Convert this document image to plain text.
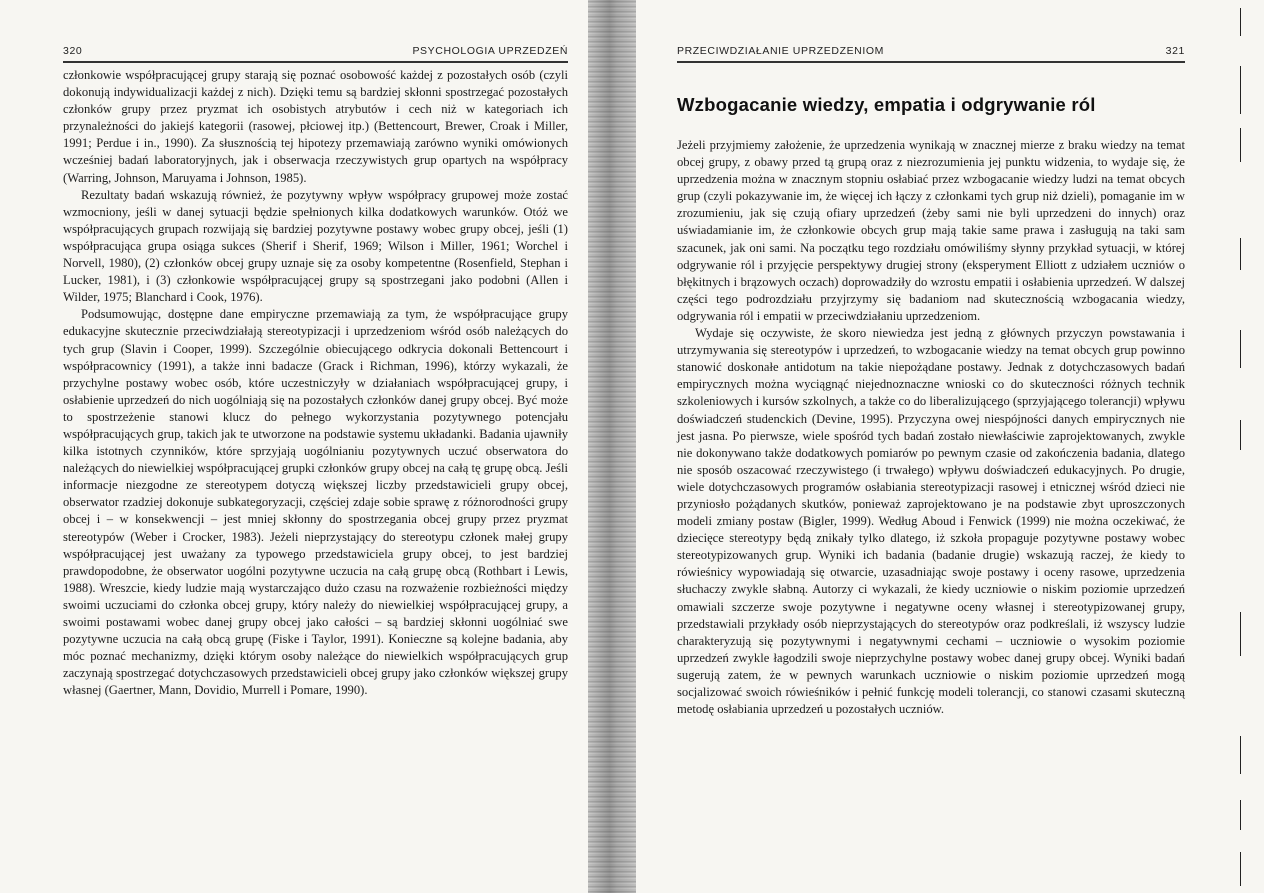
320	PSYCHOLOGIA UPRZEDZEŃ

członkowie współpracującej grupy starają się poznać osobowość każdej z pozostałych osób (czyli dokonują indywidualizacji każdej z nich). Dzięki temu są bardziej skłonni spostrzegać pozostałych członków grupy przez pryzmat ich osobistych atrybutów i cech niż w kategoriach ich przynależności do jakiejś kategorii (rasowej, płciowej itp.) (Bettencourt, Brewer, Croak i Miller, 1991; Perdue i in., 1990). Za słusznością tej hipotezy przemawiają zarówno wyniki omówionych wcześniej badań laboratoryjnych, jak i obserwacja rzeczywistych grup opartych na współpracy (Warring, Johnson, Maruyama i Johnson, 1985).

Rezultaty badań wskazują również, że pozytywny wpływ współpracy grupowej może zostać wzmocniony, jeśli w danej sytuacji będzie spełnionych kilka dodatkowych warunków. Otóż we współpracujących grupach rozwijają się bardziej pozytywne postawy wobec grupy obcej, jeśli (1) współpracująca grupa osiąga sukces (Sherif i Sherif, 1969; Wilson i Miller, 1961; Worchel i Norvell, 1980), (2) członków obcej grupy uznaje się za osoby kompetentne (Rosenfield, Stephan i Lucker, 1981), i (3) członkowie współpracującej grupy są spostrzegani jako podobni (Allen i Wilder, 1975; Blanchard i Cook, 1976).

Podsumowując, dostępne dane empiryczne przemawiają za tym, że współpracujące grupy edukacyjne skutecznie przeciwdziałają stereotypizacji i uprzedzeniom wśród osób należących do tych grup (Slavin i Cooper, 1999). Szczególnie obiecującego odkrycia dokonali Bettencourt i współpracownicy (1991), a także inni badacze (Grack i Richman, 1996), którzy wykazali, że przychylne postawy wobec osób, które uczestniczyły w działaniach współpracującej grupy, i osłabienie uprzedzeń do nich uogólniają się na pozostałych członków danej grupy obcej. Być może to spostrzeżenie stanowi klucz do pełnego wykorzystania pozytywnego potencjału współpracujących grup, takich jak te utworzone na podstawie systemu układanki. Badania ujawniły kilka istotnych czynników, które sprzyjają uogólnianiu pozytywnych uczuć obserwatora do należących do niewielkiej współpracującej grupki członków grupy obcej na całą tę grupę obcą. Jeśli informacje niezgodne ze stereotypem dotyczą większej liczby przedstawicieli grupy obcej, obserwator rzadziej dokonuje subkategoryzacji, częściej zdaje sobie sprawę z różnorodności grupy obcej i – w konsekwencji – jest mniej skłonny do spostrzegania obcej grupy przez pryzmat stereotypów (Weber i Crocker, 1983). Jeżeli nieprzystający do stereotypu członek małej grupy współpracującej jest uważany za typowego przedstawiciela grupy obcej, to jest bardziej prawdopodobne, że obserwator uogólni pozytywne uczucia na całą grupę obcą (Rothbart i Lewis, 1988). Wreszcie, kiedy ludzie mają wystarczająco dużo czasu na rozważenie rozbieżności między swoimi uczuciami do członka obcej grupy, który należy do niewielkiej współpracującej grupy, a swoimi postawami wobec danej grupy obcej jako całości – są bardziej skłonni uogólniać swe pozytywne uczucia na całą obcą grupę (Fiske i Taylor, 1991). Konieczne są kolejne badania, aby móc poznać mechanizmy, dzięki którym osoby należące do niewielkich współpracujących grup zaczynają spostrzegać dotychczasowych przedstawicieli obcej grupy jako członków większej grupy własnej (Gaertner, Mann, Dovidio, Murrell i Pomare, 1990).

PRZECIWDZIAŁANIE UPRZEDZENIOM	321
Wzbogacanie wiedzy, empatia i odgrywanie ról

Jeżeli przyjmiemy założenie, że uprzedzenia wynikają w znacznej mierze z braku wiedzy na temat obcej grupy, z obawy przed tą grupą oraz z niezrozumienia jej punktu widzenia, to wydaje się, że uprzedzenia można w znacznym stopniu osłabiać przez wzbogacanie wiedzy ludzi na temat obcych grup (czyli pokazywanie im, że więcej ich łączy z członkami tych grup niż dzieli), pomaganie im w zrozumieniu, jak się czują ofiary uprzedzeń (żeby sami nie byli uprzedzeni do innych) oraz uświadamianie im, że członkowie obcych grup mają takie same prawa i zasługują na taki sam szacunek, jak oni sami. Na początku tego rozdziału omówiliśmy słynny przykład sytuacji, w której odgrywanie ról i przyjęcie perspektywy drugiej strony (eksperyment Elliott z udziałem uczniów o błękitnych i brązowych oczach) doprowadziły do wzrostu empatii i osłabienia uprzedzeń. W dalszej części tego podrozdziału przyjrzymy się badaniom nad skutecznością wzbogacania wiedzy, odgrywania ról i empatii w przeciwdziałaniu uprzedzeniom.

Wydaje się oczywiste, że skoro niewiedza jest jedną z głównych przyczyn powstawania i utrzymywania się stereotypów i uprzedzeń, to wzbogacanie wiedzy na temat obcych grup powinno stanowić doskonałe antidotum na takie niepożądane postawy. Jednak z dotychczasowych badań empirycznych można wyciągnąć niejednoznaczne wnioski co do skuteczności różnych technik szkoleniowych i kursów szkolnych, a także co do liberalizującego (sprzyjającego tolerancji) wpływu doświadczeń studenckich (Devine, 1995). Przyczyna owej niespójności danych empirycznych nie jest jasna. Po pierwsze, wiele spośród tych badań zostało niewłaściwie zaprojektowanych, zwykle nie dokonywano także dodatkowych pomiarów po pewnym czasie od zakończenia badania, dlatego nie sposób oszacować rzeczywistego (i trwałego) wpływu doświadczeń edukacyjnych. Po drugie, wiele dotychczasowych programów osłabiania stereotypizacji rasowej i etnicznej wśród dzieci nie przyniosło pożądanych skutków, ponieważ zaprojektowano je na podstawie zbyt uproszczonych modeli zmiany postaw (Bigler, 1999). Według Aboud i Fenwick (1999) nie można oczekiwać, że dziecięce stereotypy będą znikały tylko dlatego, iż szkoła propaguje pozytywne postawy wobec stereotypizowanych grup. Wyniki ich badania (badanie drugie) wskazują raczej, że kiedy to rówieśnicy wypowiadają się otwarcie, uzasadniając swoje postawy i oceny rasowe, uprzedzenia słuchaczy zwykle słabną. Autorzy ci wykazali, że kiedy uczniowie o niskim poziomie uprzedzeń omawiali szczerze swoje pozytywne i negatywne oceny własnej i stereotypizowanej grupy, przedstawiali przykłady osób nieprzystających do stereotypów oraz podkreślali, iż wszyscy ludzie charakteryzują się pozytywnymi i negatywnymi cechami – uczniowie o wysokim poziomie uprzedzeń zwykle łagodzili swoje nieprzychylne postawy wobec danej grupy obcej. Wyniki badań sugerują zatem, że w pewnych warunkach uczniowie o niskim poziomie uprzedzeń mogą socjalizować swoich rówieśników i pełnić funkcję modeli tolerancji, co stanowi czasami skuteczną metodę osłabiania uprzedzeń u pozostałych uczniów.
